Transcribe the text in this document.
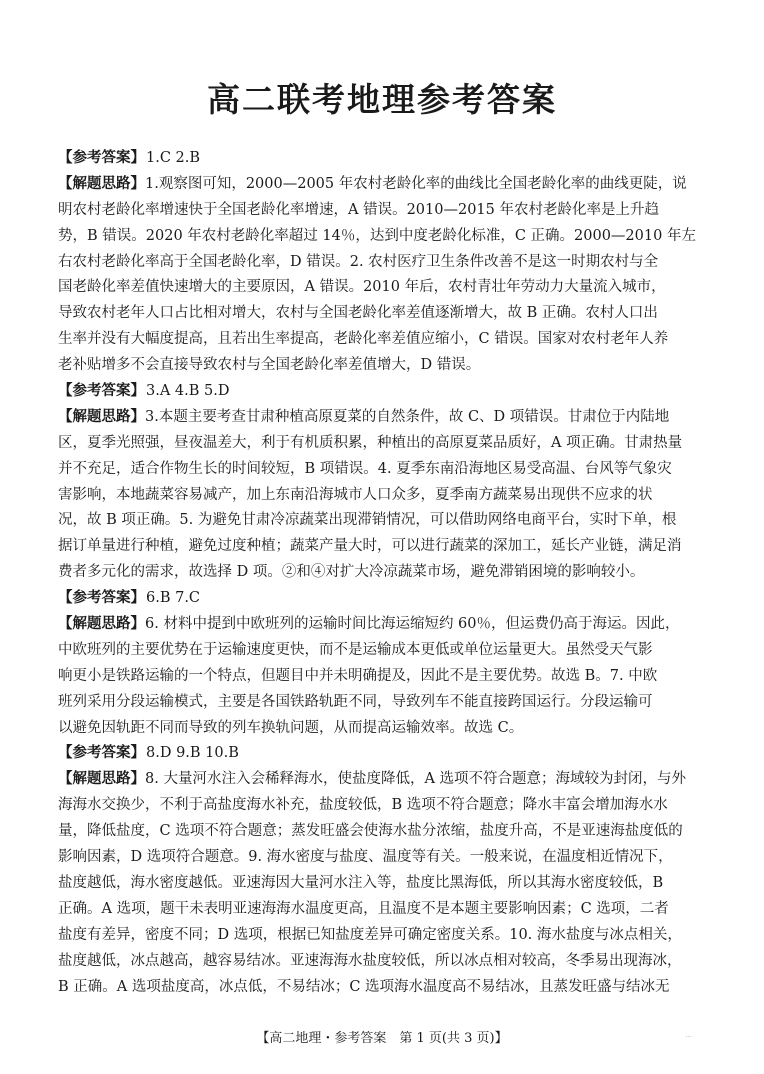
高二联考地理参考答案
【参考答案】1.C 2.B
【解题思路】1.观察图可知，2000—2005 年农村老龄化率的曲线比全国老龄化率的曲线更陡，说
明农村老龄化率增速快于全国老龄化率增速，A 错误。2010—2015 年农村老龄化率是上升趋
势，B 错误。2020 年农村老龄化率超过 14％，达到中度老龄化标准，C 正确。2000—2010 年左
右农村老龄化率高于全国老龄化率，D 错误。2. 农村医疗卫生条件改善不是这一时期农村与全
国老龄化率差值快速增大的主要原因，A 错误。2010 年后，农村青壮年劳动力大量流入城市，
导致农村老年人口占比相对增大，农村与全国老龄化率差值逐渐增大，故 B 正确。农村人口出
生率并没有大幅度提高，且若出生率提高，老龄化率差值应缩小，C 错误。国家对农村老年人养
老补贴增多不会直接导致农村与全国老龄化率差值增大，D 错误。
【参考答案】3.A 4.B 5.D
【解题思路】3.本题主要考查甘肃种植高原夏菜的自然条件，故 C、D 项错误。甘肃位于内陆地
区，夏季光照强，昼夜温差大，利于有机质积累，种植出的高原夏菜品质好，A 项正确。甘肃热量
并不充足，适合作物生长的时间较短，B 项错误。4. 夏季东南沿海地区易受高温、台风等气象灾
害影响，本地蔬菜容易减产，加上东南沿海城市人口众多，夏季南方蔬菜易出现供不应求的状
况，故 B 项正确。5. 为避免甘肃冷凉蔬菜出现滞销情况，可以借助网络电商平台，实时下单，根
据订单量进行种植，避免过度种植；蔬菜产量大时，可以进行蔬菜的深加工，延长产业链，满足消
费者多元化的需求，故选择 D 项。②和④对扩大冷凉蔬菜市场，避免滞销困境的影响较小。
【参考答案】6.B 7.C
【解题思路】6. 材料中提到中欧班列的运输时间比海运缩短约 60％，但运费仍高于海运。因此，
中欧班列的主要优势在于运输速度更快，而不是运输成本更低或单位运量更大。虽然受天气影
响更小是铁路运输的一个特点，但题目中并未明确提及，因此不是主要优势。故选 B。7. 中欧
班列采用分段运输模式，主要是各国铁路轨距不同，导致列车不能直接跨国运行。分段运输可
以避免因轨距不同而导致的列车换轨问题，从而提高运输效率。故选 C。
【参考答案】8.D 9.B 10.B
【解题思路】8. 大量河水注入会稀释海水，使盐度降低，A 选项不符合题意；海域较为封闭，与外
海海水交换少，不利于高盐度海水补充，盐度较低，B 选项不符合题意；降水丰富会增加海水水
量，降低盐度，C 选项不符合题意；蒸发旺盛会使海水盐分浓缩，盐度升高，不是亚速海盐度低的
影响因素，D 选项符合题意。9. 海水密度与盐度、温度等有关。一般来说，在温度相近情况下，
盐度越低，海水密度越低。亚速海因大量河水注入等，盐度比黑海低，所以其海水密度较低，B
正确。A 选项，题干未表明亚速海海水温度更高，且温度不是本题主要影响因素；C 选项，二者
盐度有差异，密度不同；D 选项，根据已知盐度差异可确定密度关系。10. 海水盐度与冰点相关，
盐度越低，冰点越高，越容易结冰。亚速海海水盐度较低，所以冰点相对较高，冬季易出现海冰，
B 正确。A 选项盐度高，冰点低，不易结冰；C 选项海水温度高不易结冰，且蒸发旺盛与结冰无
【高二地理・参考答案　第 1 页(共 3 页)】	···
